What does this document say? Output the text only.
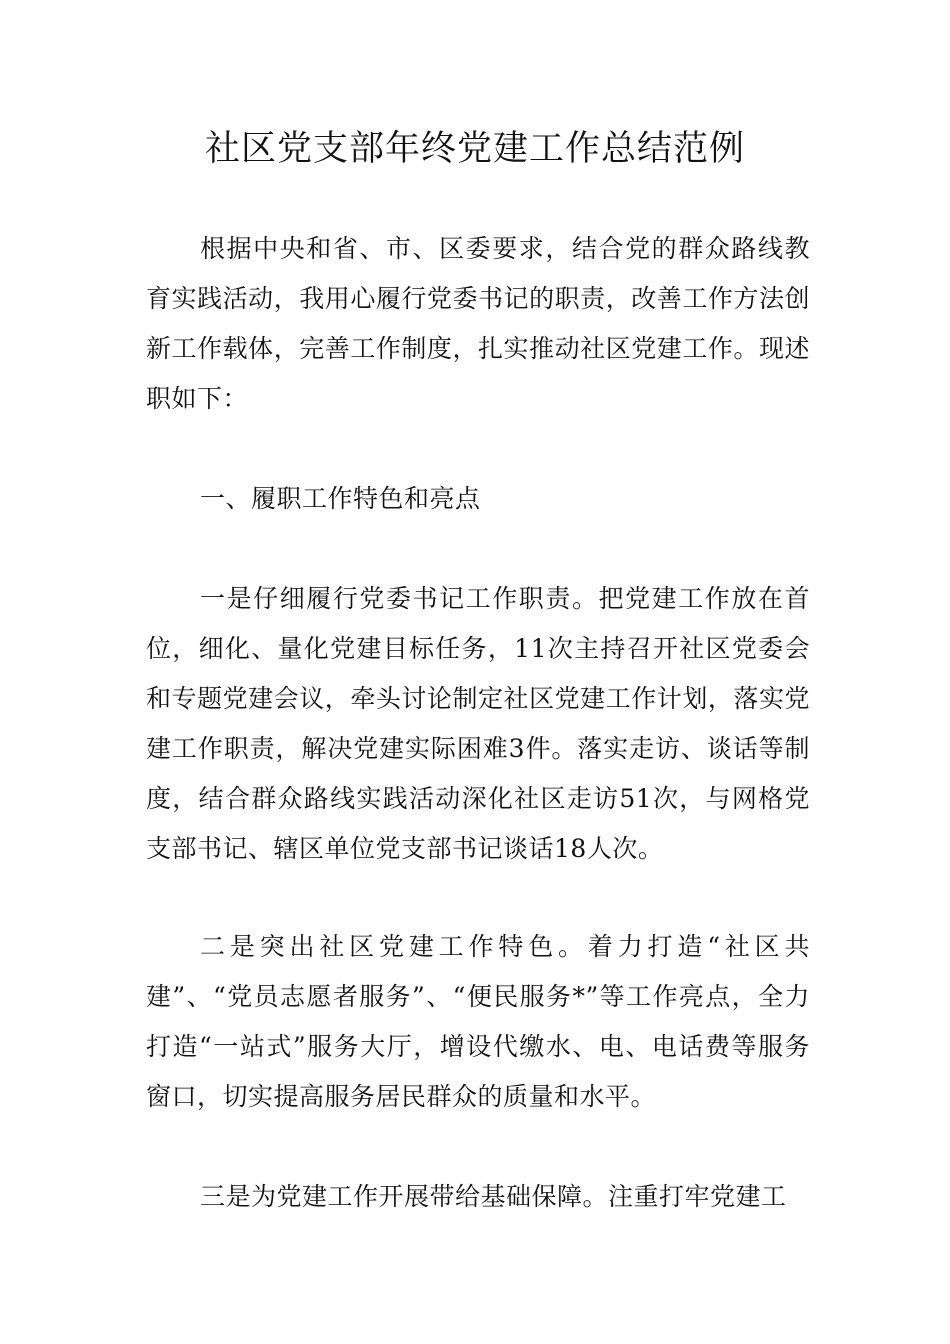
社区党支部年终党建工作总结范例

根据中央和省、市、区委要求，结合党的群众路线教育实践活动，我用心履行党委书记的职责，改善工作方法创新工作载体，完善工作制度，扎实推动社区党建工作。现述职如下：

一、履职工作特色和亮点

一是仔细履行党委书记工作职责。把党建工作放在首位，细化、量化党建目标任务，11次主持召开社区党委会和专题党建会议，牵头讨论制定社区党建工作计划，落实党建工作职责，解决党建实际困难3件。落实走访、谈话等制度，结合群众路线实践活动深化社区走访51次，与网格党支部书记、辖区单位党支部书记谈话18人次。

二是突出社区党建工作特色。着力打造“社区共建”、“党员志愿者服务”、“便民服务*”等工作亮点，全力打造“一站式”服务大厅，增设代缴水、电、电话费等服务窗口，切实提高服务居民群众的质量和水平。

三是为党建工作开展带给基础保障。注重打牢党建工
